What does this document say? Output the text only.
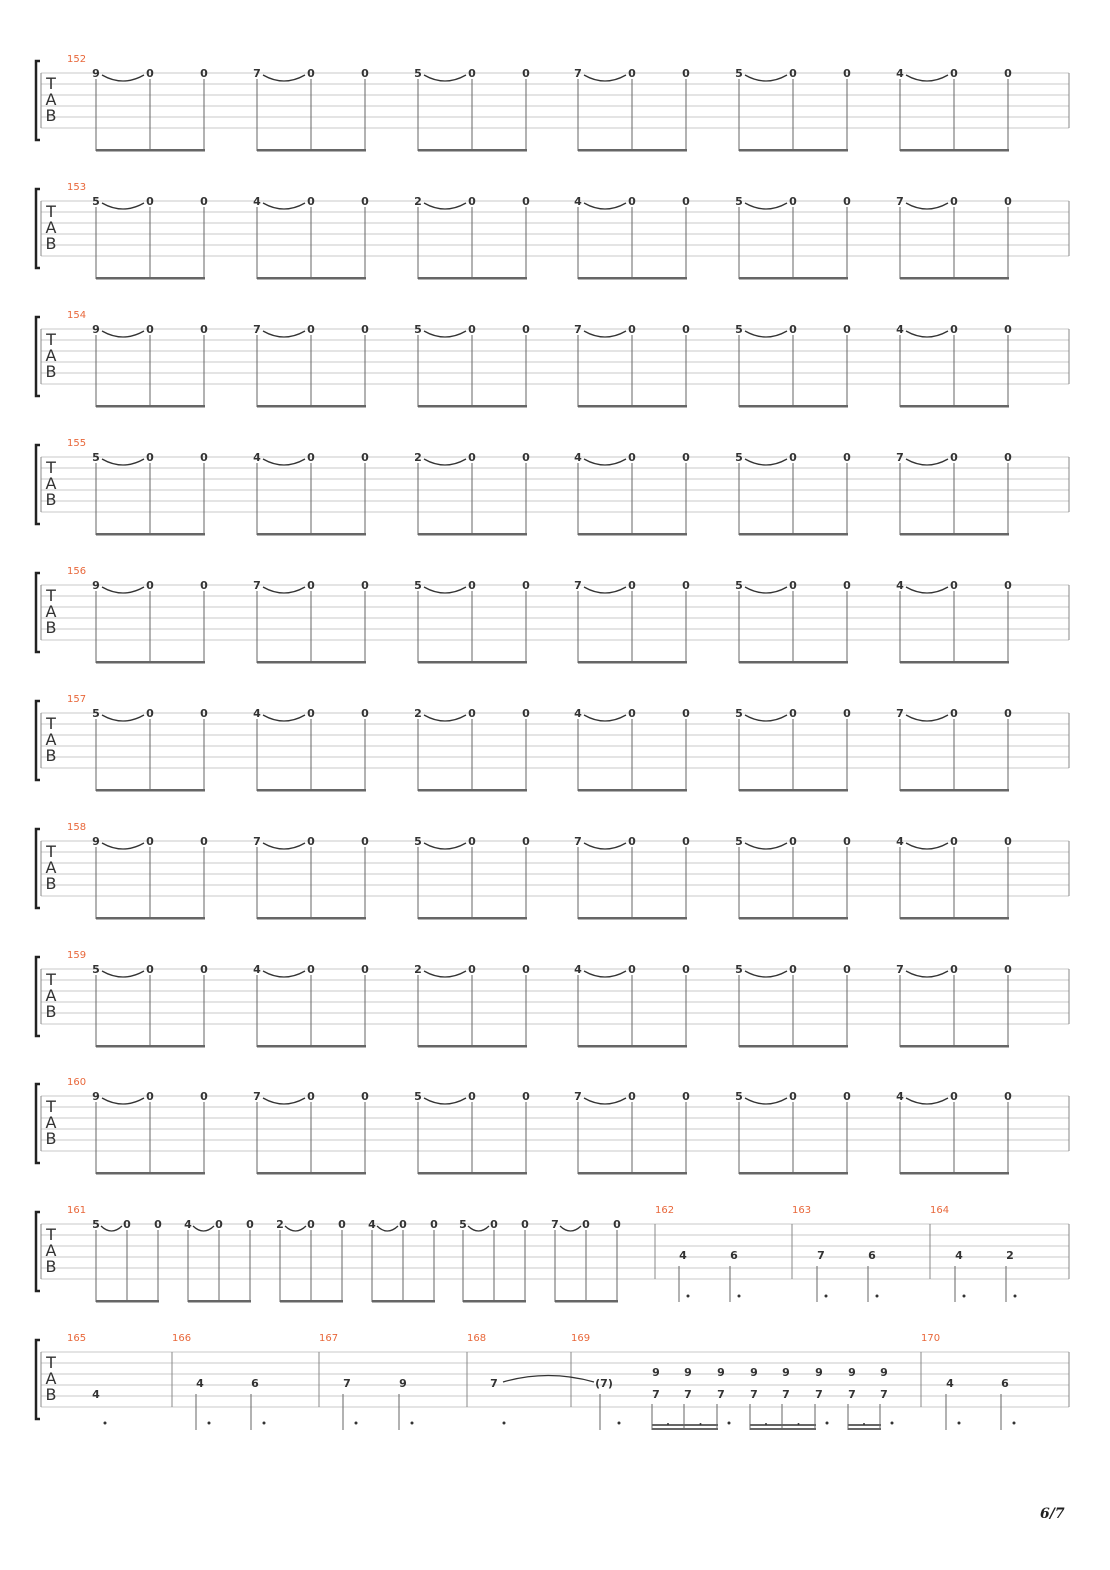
T
A
B
152
9	0	0	7	0	0	5	0	0	7	0	0	5	0	0	4	0	0
T
A
B
153
5	0	0	4	0	0	2	0	0	4	0	0	5	0	0	7	0	0
T
A
B
154
9	0	0	7	0	0	5	0	0	7	0	0	5	0	0	4	0	0
T
A
B
155
5	0	0	4	0	0	2	0	0	4	0	0	5	0	0	7	0	0
T
A
B
156
9	0	0	7	0	0	5	0	0	7	0	0	5	0	0	4	0	0
T
A
B
157
5	0	0	4	0	0	2	0	0	4	0	0	5	0	0	7	0	0
T
A
B
158
9	0	0	7	0	0	5	0	0	7	0	0	5	0	0	4	0	0
T
A
B
159
5	0	0	4	0	0	2	0	0	4	0	0	5	0	0	7	0	0
T
A
B
160
9	0	0	7	0	0	5	0	0	7	0	0	5	0	0	4	0	0
T
A
B
161
5 0 0 4 0 0 2 0 0 4 0 0 5 0 0 7 0 0
162
4	6
163
7	6
164
4	2
T
A
B
165	166	167	168	169	170
4
4	6	7	9	4	6
7	(7)
9
7
9
7
9
7
9
7
9
7
9
7
9
7
9
7
6/7
